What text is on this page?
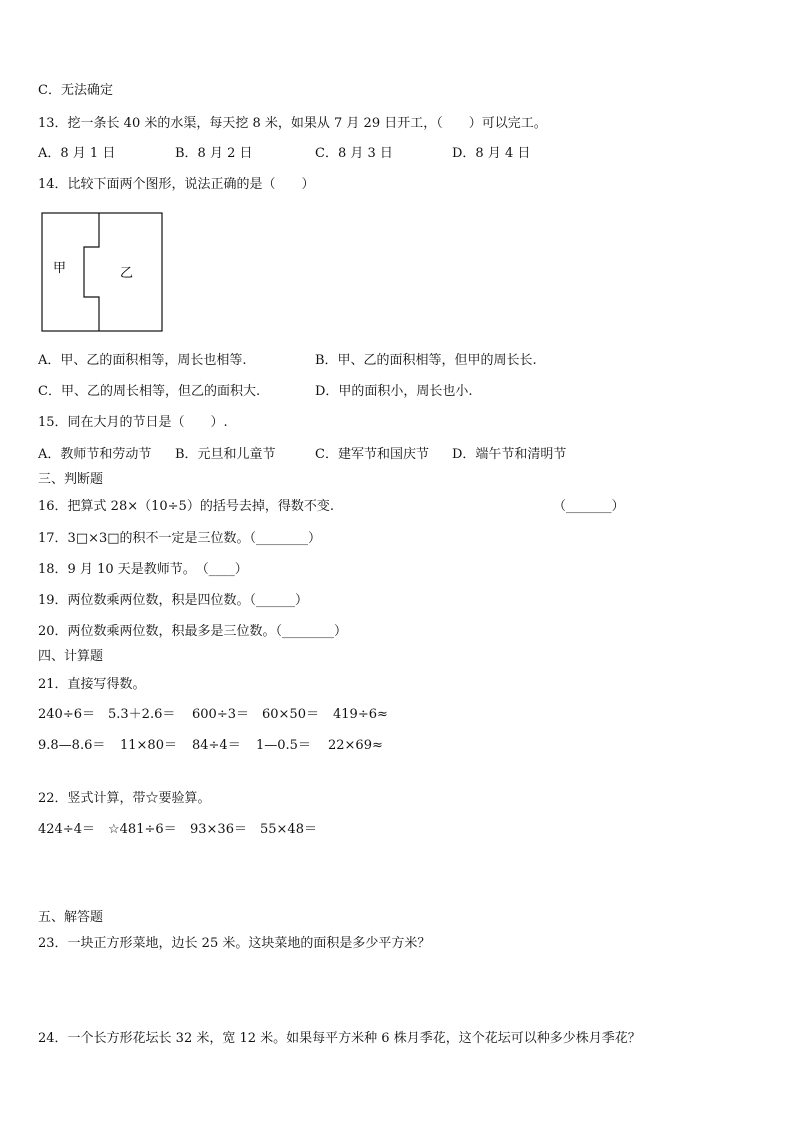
C．无法确定
13．挖一条长 40 米的水渠，每天挖 8 米，如果从 7 月 29 日开工，（　　）可以完工。
A．8 月 1 日	B．8 月 2 日	C．8 月 3 日	D．8 月 4 日
14．比较下面两个图形，说法正确的是（　　）
甲	乙
A．甲、乙的面积相等，周长也相等.	B．甲、乙的面积相等，但甲的周长长.
C．甲、乙的周长相等，但乙的面积大.	D．甲的面积小，周长也小.
15．同在大月的节日是（　　）.
A．教师节和劳动节 B．元旦和儿童节	C．建军节和国庆节 D．端午节和清明节
三、判断题
16．把算式 28×（10÷5）的括号去掉，得数不变.	（_______）
17．3□×3□的积不一定是三位数。（________）
18．9 月 10 天是教师节。　（____）
19．两位数乘两位数，积是四位数。（______）
20．两位数乘两位数，积最多是三位数。（________）
四、计算题
21．直接写得数。
240÷6＝ 5.3＋2.6＝ 600÷3＝ 60×50＝ 419÷6≈
9.8—8.6＝ 11×80＝ 84÷4＝ 1—0.5＝ 22×69≈
22．竖式计算，带☆要验算。
424÷4＝ ☆481÷6＝ 93×36＝ 55×48＝
五、解答题
23．一块正方形菜地，边长 25 米。这块菜地的面积是多少平方米？
24．一个长方形花坛长 32 米，宽 12 米。如果每平方米种 6 株月季花，这个花坛可以种多少株月季花？
